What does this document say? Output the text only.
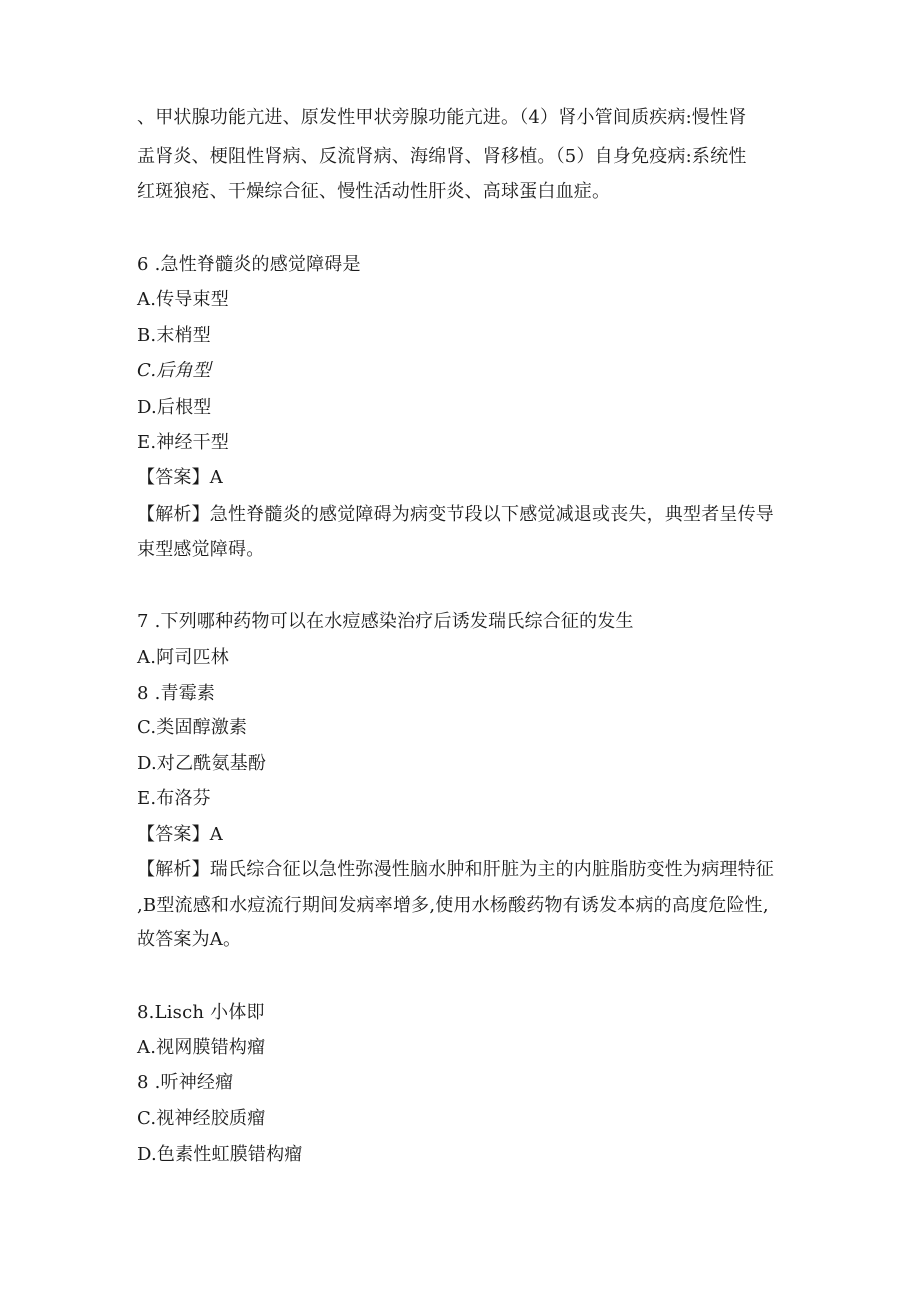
、甲状腺功能亢进、原发性甲状旁腺功能亢进。（4）肾小管间质疾病:慢性肾
盂肾炎、梗阻性肾病、反流肾病、海绵肾、肾移植。（5）自身免疫病:系统性
红斑狼疮、干燥综合征、慢性活动性肝炎、高球蛋白血症。
6 .急性脊髓炎的感觉障碍是
A.传导束型
B.末梢型
C.后角型
D.后根型
E.神经干型
【答案】A
【解析】急性脊髓炎的感觉障碍为病变节段以下感觉减退或丧失，典型者呈传导
束型感觉障碍。
7 .下列哪种药物可以在水痘感染治疗后诱发瑞氏综合征的发生
A.阿司匹林
8 .青霉素
C.类固醇激素
D.对乙酰氨基酚
E.布洛芬
【答案】A
【解析】瑞氏综合征以急性弥漫性脑水肿和肝脏为主的内脏脂肪变性为病理特征
,B型流感和水痘流行期间发病率增多,使用水杨酸药物有诱发本病的高度危险性,
故答案为A。
8.Lisch 小体即
A.视网膜错构瘤
8 .听神经瘤
C.视神经胶质瘤
D.色素性虹膜错构瘤
